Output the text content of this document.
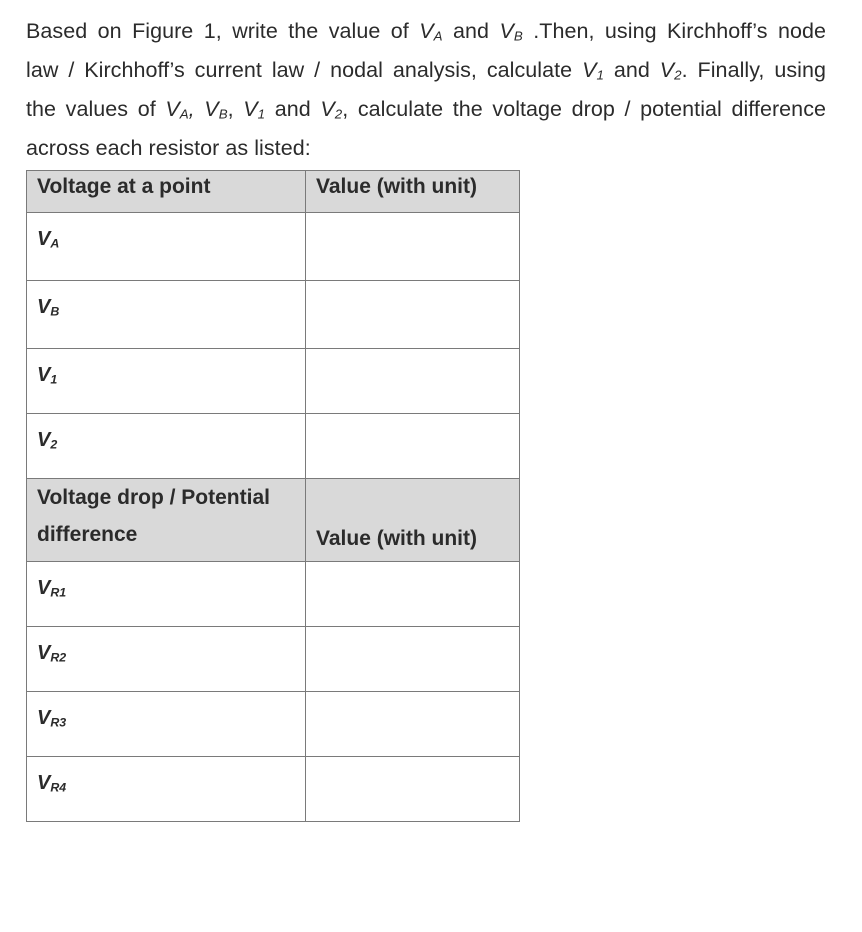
Based on Figure 1, write the value of $V_A$ and $V_B$ .Then, using Kirchhoff’s node
law / Kirchhoff’s current law / nodal analysis, calculate $V_1$ and $V_2$. Finally, using
the values of $V_A$, $V_B$, $V_1$ and $V_2$, calculate the voltage drop / potential difference
across each resistor as listed:
Voltage at a point	Value (with unit)
$V_A$	
$V_B$	
$V_1$	
$V_2$	
Voltage drop / Potential
difference	Value (with unit)
$V_{R1}$	
$V_{R2}$	
$V_{R3}$	
$V_{R4}$	
